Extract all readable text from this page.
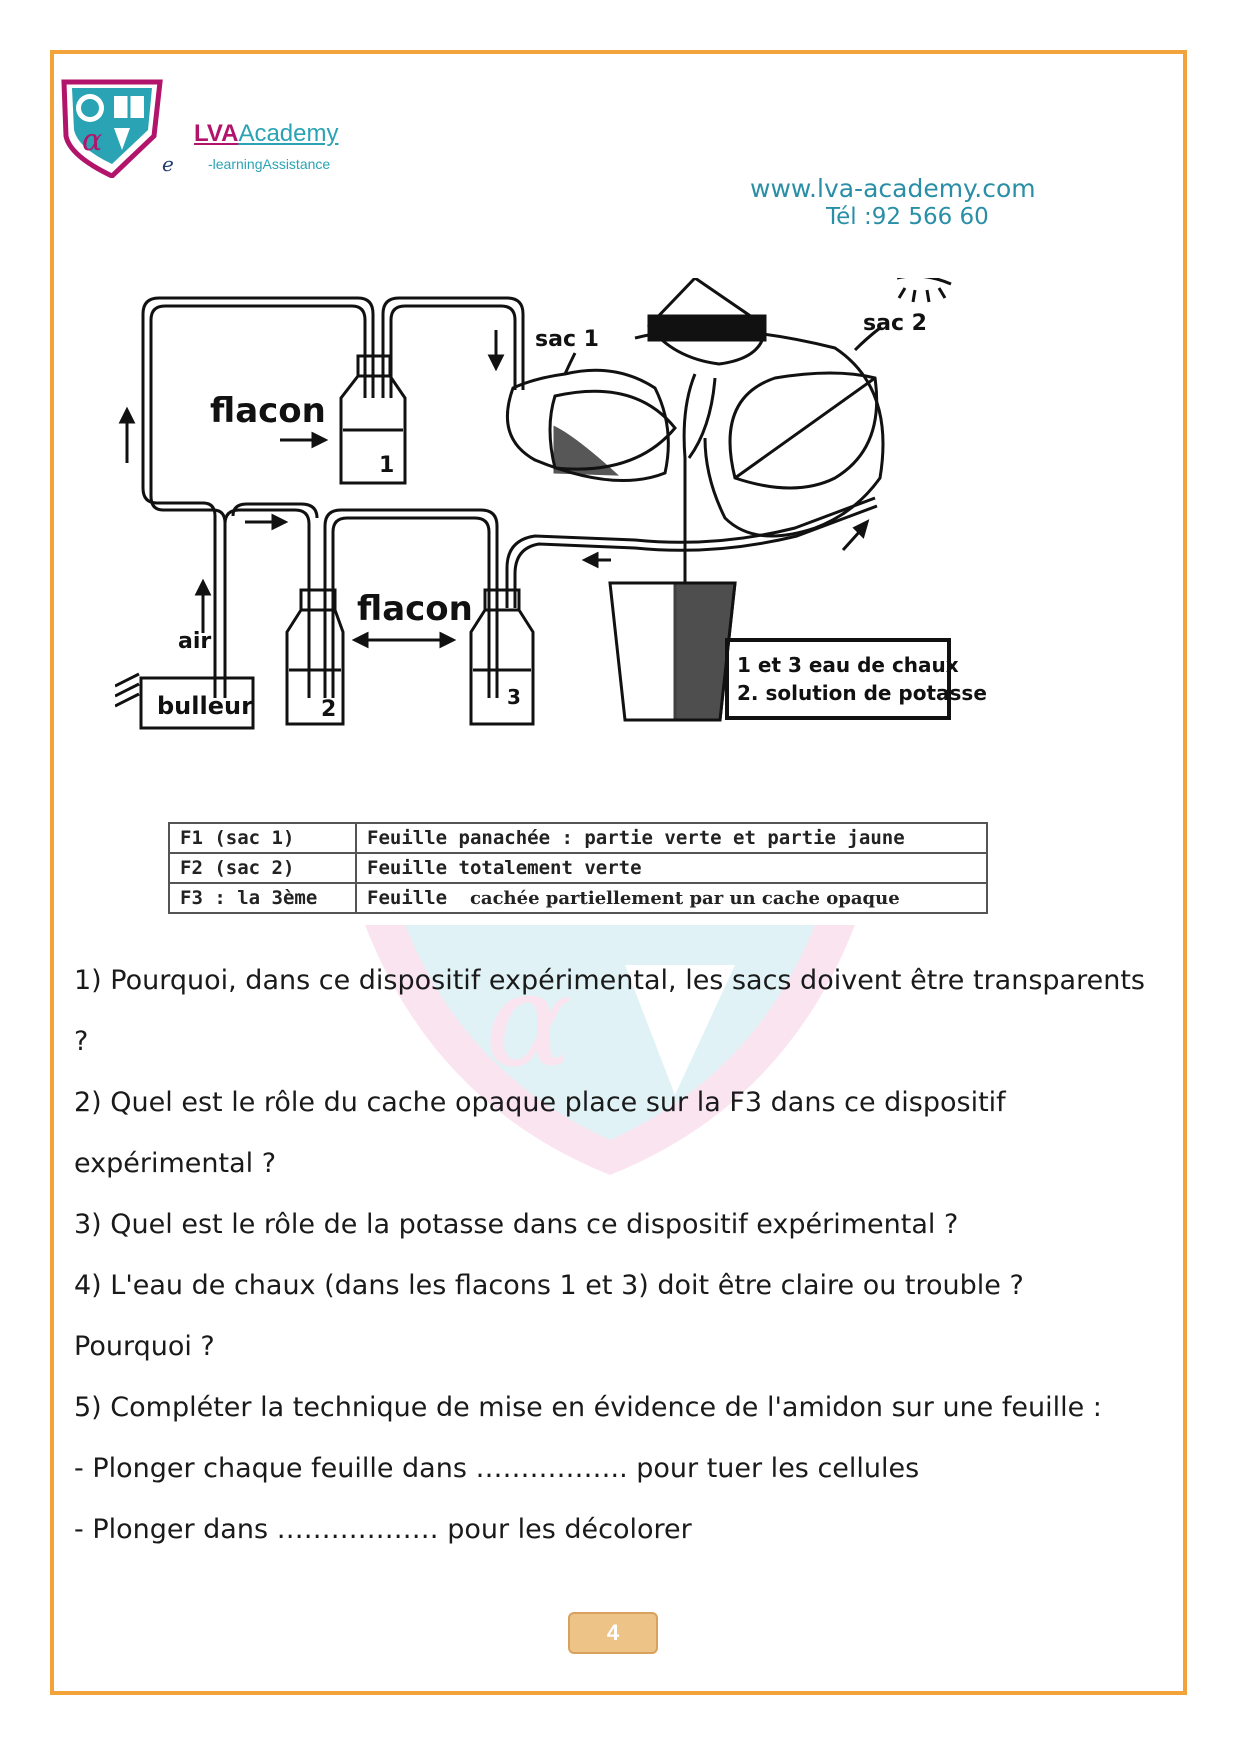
α
e
LVAAcademy
-learningAssistance
www.lva-academy.com
Tél :92 566 60
α
flacon
flacon
air
bulleur
sac 1
sac 2
1
2	3
1 et 3 eau de chaux
2. solution de potasse
F1 (sac 1)	Feuille panachée : partie verte et partie jaune
F2 (sac 2)	Feuille totalement verte
F3 : la 3ème	Feuille cachée partiellement par un cache opaque

1) Pourquoi, dans ce dispositif expérimental, les sacs doivent être transparents

?

2) Quel est le rôle du cache opaque place sur la F3 dans ce dispositif

expérimental ?

3) Quel est le rôle de la potasse dans ce dispositif expérimental ?

4) L'eau de chaux (dans les flacons 1 et 3) doit être claire ou trouble ?

Pourquoi ?

5) Compléter la technique de mise en évidence de l'amidon sur une feuille :

- Plonger chaque feuille dans …………….. pour tuer les cellules

- Plonger dans ……………… pour les décolorer

4
